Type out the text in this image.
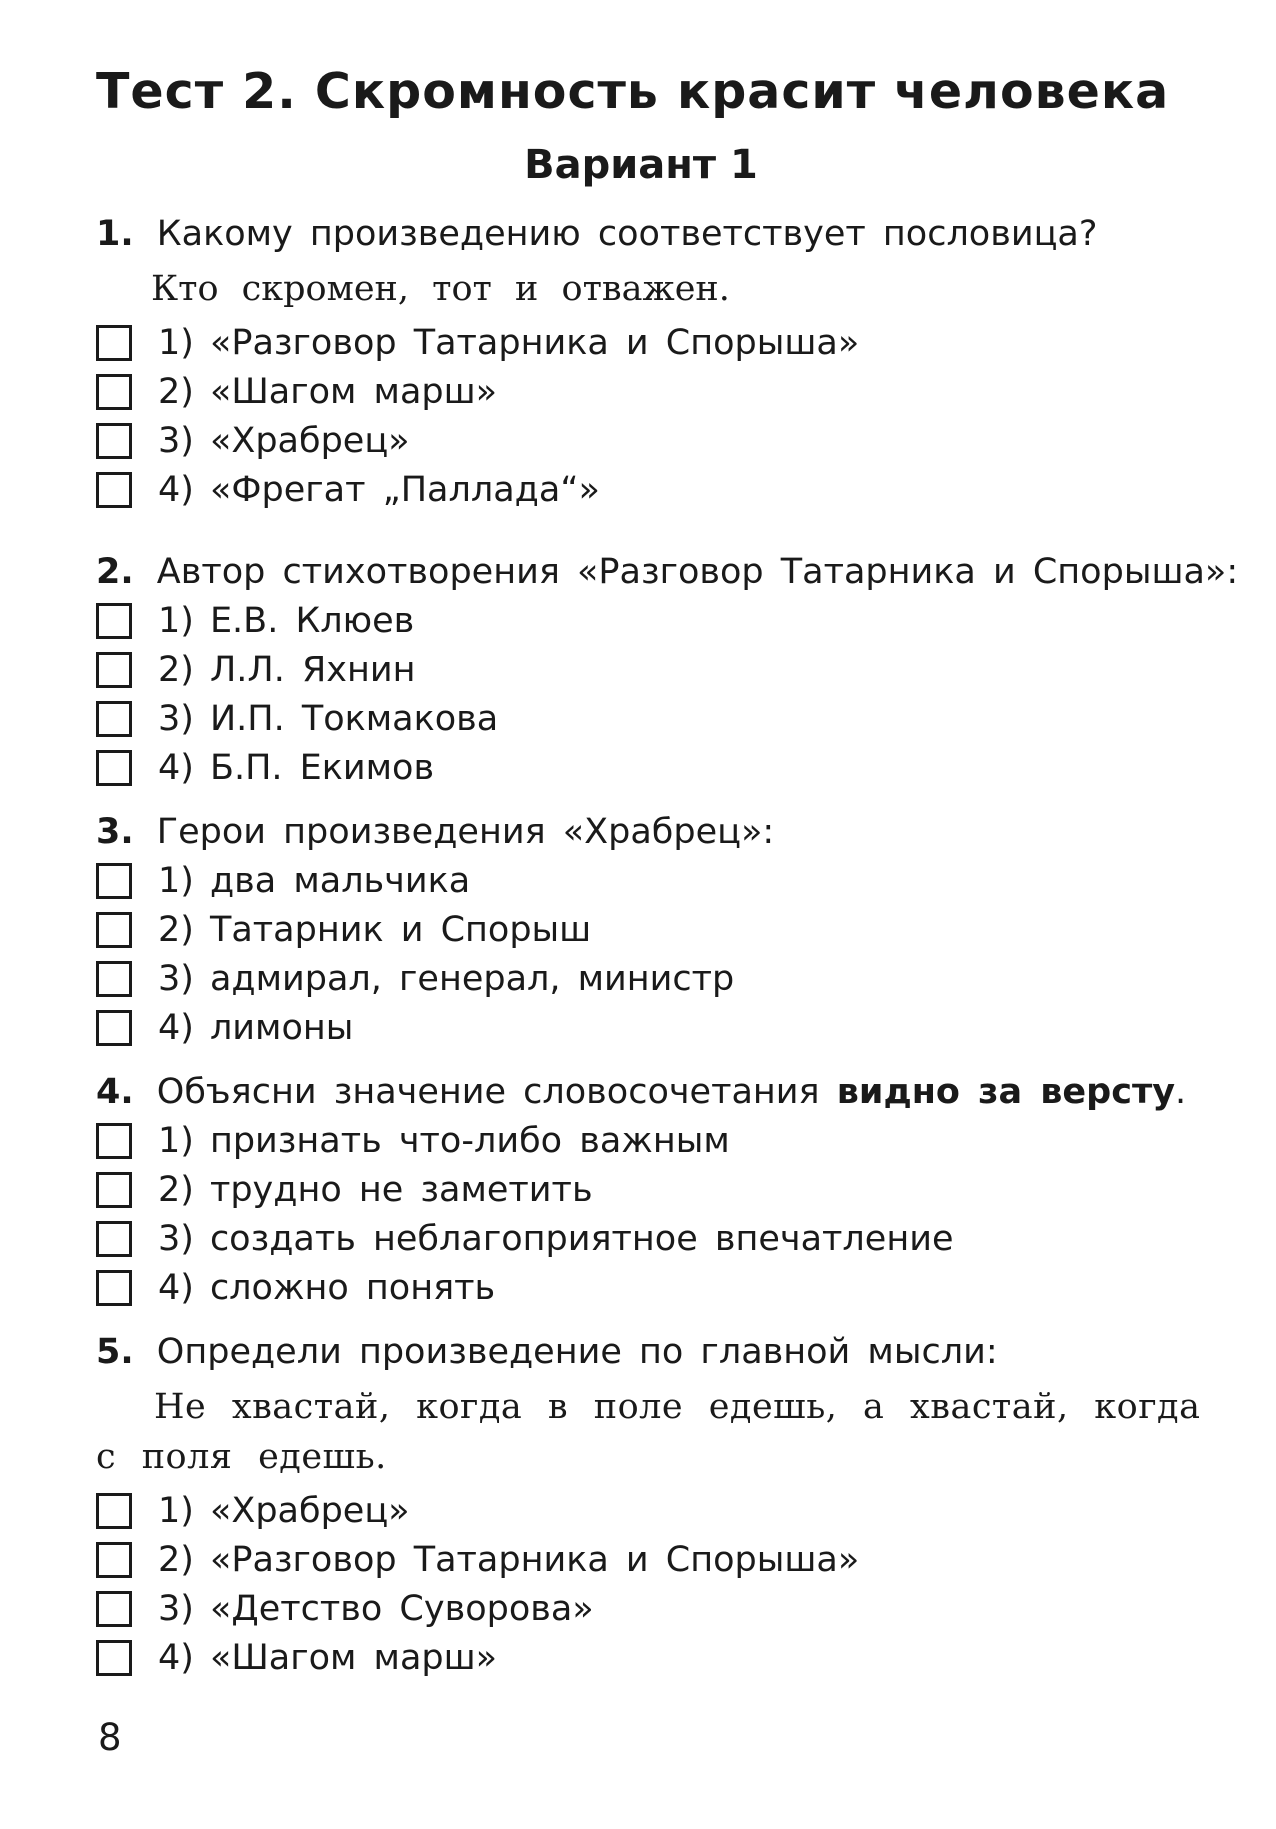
Тест 2. Скромность красит человека
Вариант 1
1. Какому произведению соответствует пословица?
Кто скромен, тот и отважен.
1) «Разговор Татарника и Спорыша»
2) «Шагом марш»
3) «Храбрец»
4) «Фрегат „Паллада“»
2. Автор стихотворения «Разговор Татарника и Спорыша»:
1) Е.В. Клюев
2) Л.Л. Яхнин
3) И.П. Токмакова
4) Б.П. Екимов
3. Герои произведения «Храбрец»:
1) два мальчика
2) Татарник и Спорыш
3) адмирал, генерал, министр
4) лимоны
4. Объясни значение словосочетания видно за версту.
1) признать что-либо важным
2) трудно не заметить
3) создать неблагоприятное впечатление
4) сложно понять
5. Определи произведение по главной мысли:
Не хвастай, когда в поле едешь, а хвастай, когда с поля едешь.
1) «Храбрец»
2) «Разговор Татарника и Спорыша»
3) «Детство Суворова»
4) «Шагом марш»
8
